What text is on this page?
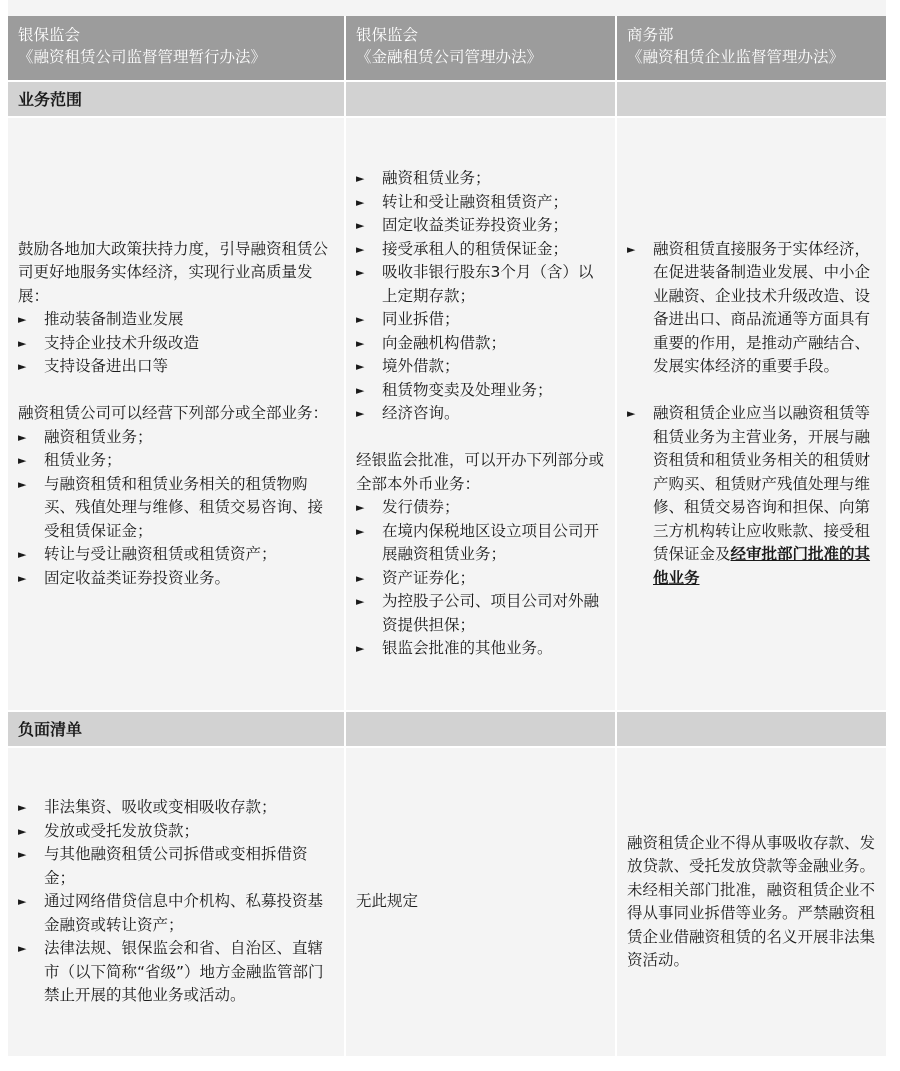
银保监会
《融资租赁公司监督管理暂行办法》
银保监会
《金融租赁公司管理办法》
商务部
《融资租赁企业监督管理办法》
业务范围

鼓励各地加大政策扶持力度，引导融资租赁公司更好地服务实体经济，实现行业高质量发展：

► 推动装备制造业发展
► 支持企业技术升级改造
► 支持设备进出口等

融资租赁公司可以经营下列部分或全部业务：

► 融资租赁业务；
► 租赁业务；
► 与融资租赁和租赁业务相关的租赁物购买、残值处理与维修、租赁交易咨询、接受租赁保证金；
► 转让与受让融资租赁或租赁资产；
► 固定收益类证券投资业务。
► 融资租赁业务；
► 转让和受让融资租赁资产；
► 固定收益类证券投资业务；
► 接受承租人的租赁保证金；
► 吸收非银行股东3个月（含）以上定期存款；
► 同业拆借；
► 向金融机构借款；
► 境外借款；
► 租赁物变卖及处理业务；
► 经济咨询。

经银监会批准，可以开办下列部分或全部本外币业务：

► 发行债券；
► 在境内保税地区设立项目公司开展融资租赁业务；
► 资产证券化；
► 为控股子公司、项目公司对外融资提供担保；
► 银监会批准的其他业务。
► 融资租赁直接服务于实体经济，在促进装备制造业发展、中小企业融资、企业技术升级改造、设备进出口、商品流通等方面具有重要的作用，是推动产融结合、发展实体经济的重要手段。
► 融资租赁企业应当以融资租赁等租赁业务为主营业务，开展与融资租赁和租赁业务相关的租赁财产购买、租赁财产残值处理与维修、租赁交易咨询和担保、向第三方机构转让应收账款、接受租赁保证金及经审批部门批准的其他业务
负面清单
► 非法集资、吸收或变相吸收存款；
► 发放或受托发放贷款；
► 与其他融资租赁公司拆借或变相拆借资金；
► 通过网络借贷信息中介机构、私募投资基金融资或转让资产；
► 法律法规、银保监会和省、自治区、直辖市（以下简称“省级”）地方金融监管部门禁止开展的其他业务或活动。

无此规定

融资租赁企业不得从事吸收存款、发放贷款、受托发放贷款等金融业务。未经相关部门批准，融资租赁企业不得从事同业拆借等业务。严禁融资租赁企业借融资租赁的名义开展非法集资活动。
